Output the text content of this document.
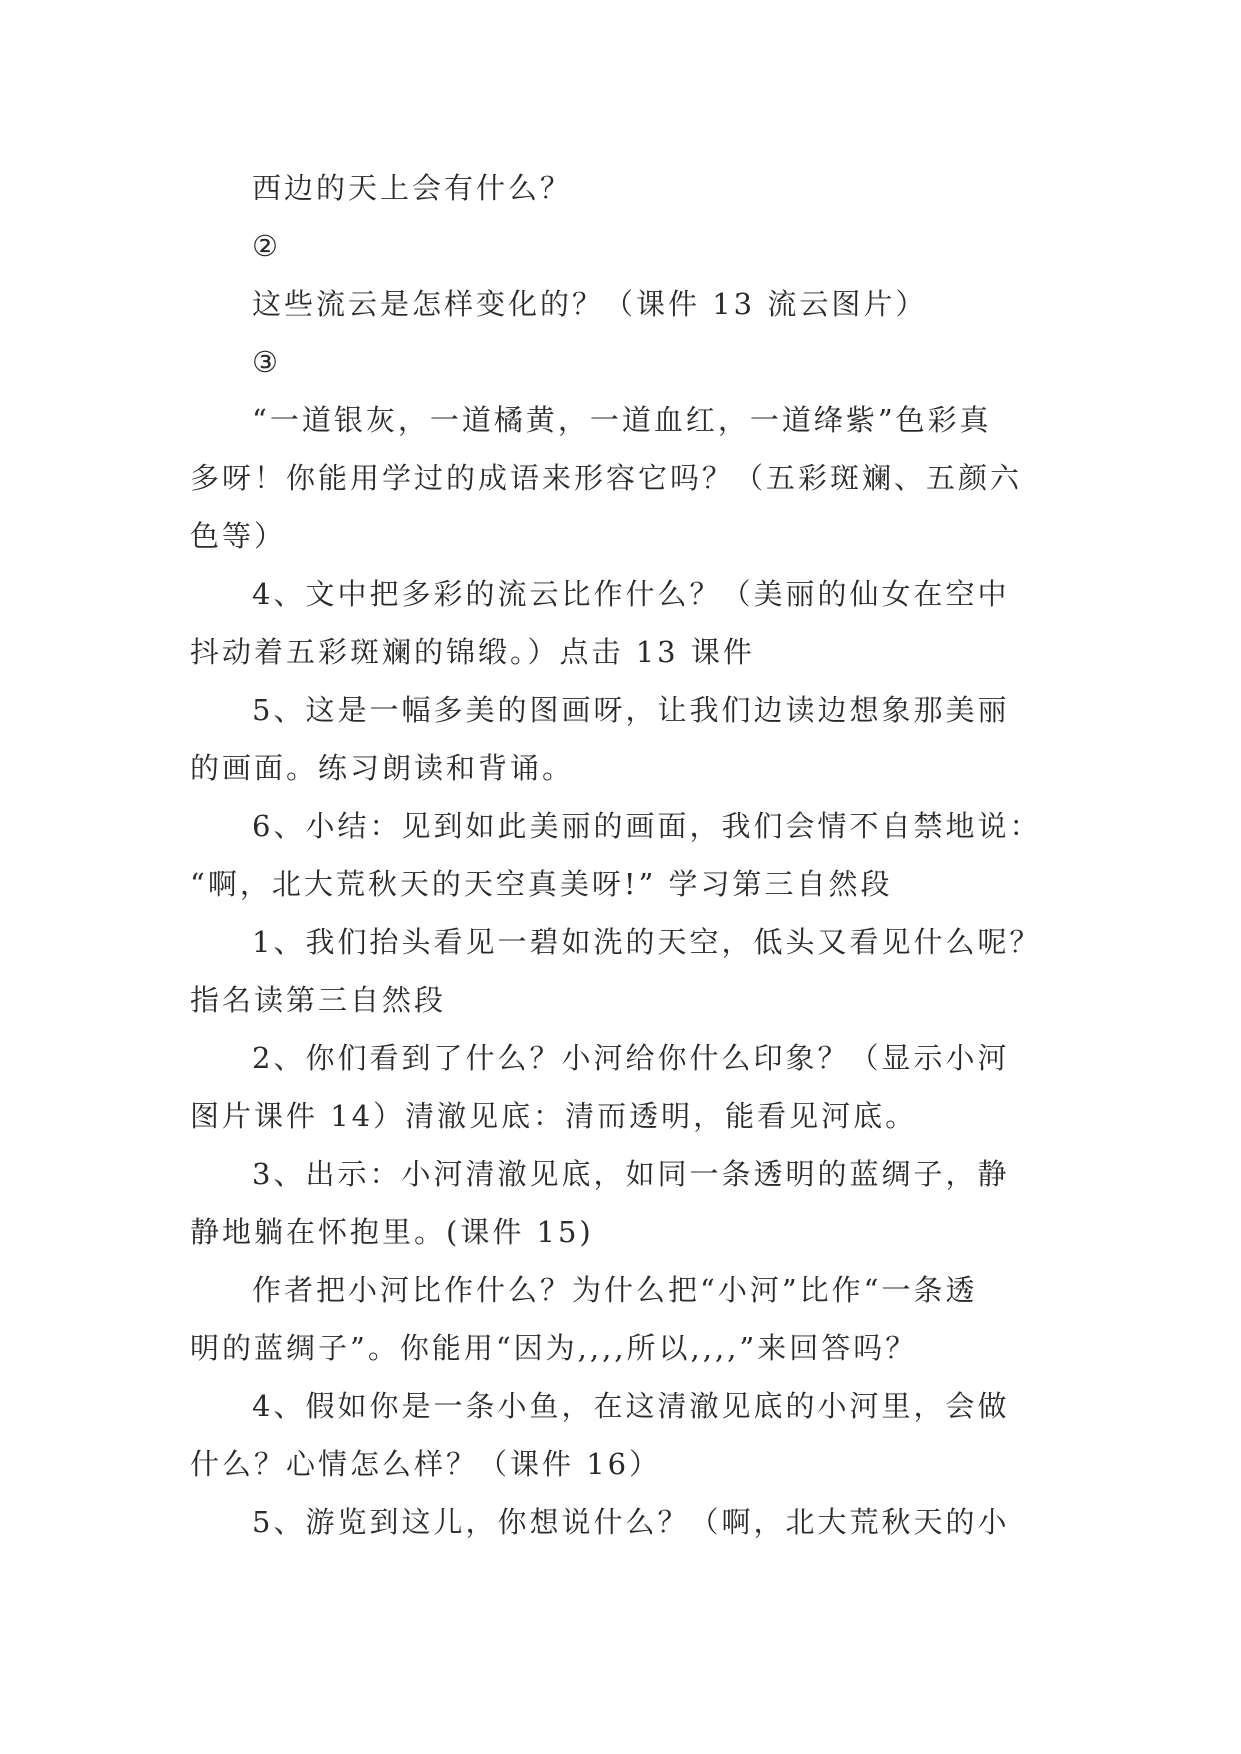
西边的天上会有什么？
②
这些流云是怎样变化的？（课件 13 流云图片）
③
“一道银灰，一道橘黄，一道血红，一道绛紫”色彩真
多呀！你能用学过的成语来形容它吗？（五彩斑斓、五颜六
色等）
4、文中把多彩的流云比作什么？（美丽的仙女在空中
抖动着五彩斑斓的锦缎。）点击 13 课件
5、这是一幅多美的图画呀，让我们边读边想象那美丽
的画面。练习朗读和背诵。
6、小结：见到如此美丽的画面，我们会情不自禁地说：
“啊，北大荒秋天的天空真美呀!” 学习第三自然段
1、我们抬头看见一碧如洗的天空，低头又看见什么呢？
指名读第三自然段
2、你们看到了什么？小河给你什么印象？（显示小河
图片课件 14）清澈见底：清而透明，能看见河底。
3、出示：小河清澈见底，如同一条透明的蓝绸子，静
静地躺在怀抱里。(课件 15)
作者把小河比作什么？为什么把“小河”比作“一条透
明的蓝绸子”。你能用“因为,,,,所以,,,,”来回答吗？
4、假如你是一条小鱼，在这清澈见底的小河里，会做
什么？心情怎么样？（课件 16）
5、游览到这儿，你想说什么？（啊，北大荒秋天的小
